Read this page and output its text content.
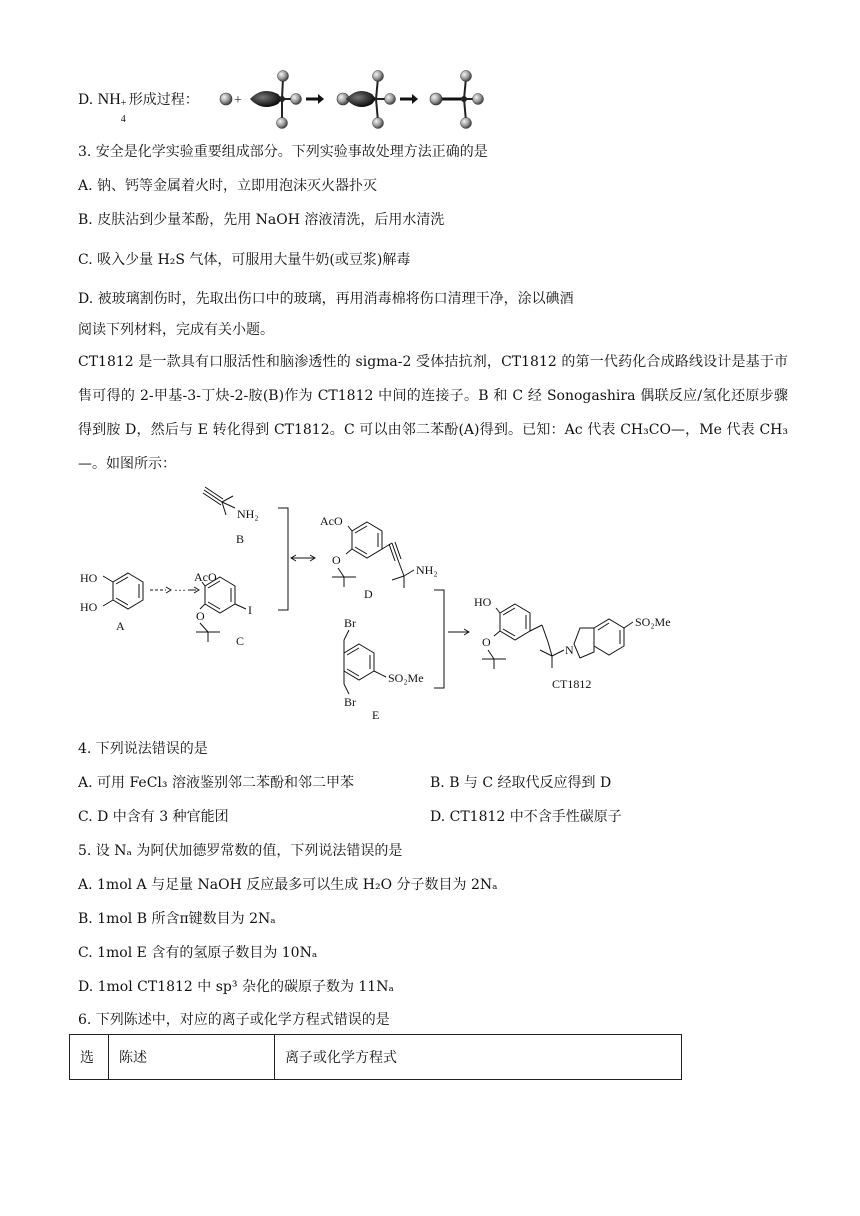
D. NH +
4
形成过程：	+
3. 安全是化学实验重要组成部分。下列实验事故处理方法正确的是
A. 钠、钙等金属着火时，立即用泡沫灭火器扑灭
B. 皮肤沾到少量苯酚，先用 NaOH 溶液清洗，后用水清洗
C. 吸入少量 H₂S 气体，可服用大量牛奶(或豆浆)解毒
D. 被玻璃割伤时，先取出伤口中的玻璃，再用消毒棉将伤口清理干净，涂以碘酒
阅读下列材料，完成有关小题。
CT1812 是一款具有口服活性和脑渗透性的 sigma-2 受体拮抗剂，CT1812 的第一代药化合成路线设计是基于市售可得的 2-甲基-3-丁炔-2-胺(B)作为 CT1812 中间的连接子。B 和 C 经 Sonogashira 偶联反应/氢化还原步骤得到胺 D，然后与 E 转化得到 CT1812。C 可以由邻二苯酚(A)得到。已知：Ac 代表 CH₃CO—，Me 代表 CH₃—。如图所示：
HO
HO
A
···
AcO
O	I
C
NH₂
B
AcO
O
NH₂
D
Br
Br
SO₂Me
E
HO
O
N
SO₂Me
CT1812
4. 下列说法错误的是
A. 可用 FeCl₃ 溶液鉴别邻二苯酚和邻二甲苯	B. B 与 C 经取代反应得到 D
C. D 中含有 3 种官能团	D. CT1812 中不含手性碳原子
5. 设 Nₐ 为阿伏加德罗常数的值，下列说法错误的是
A. 1mol A 与足量 NaOH 反应最多可以生成 H₂O 分子数目为 2Nₐ
B. 1mol B 所含π键数目为 2Nₐ
C. 1mol E 含有的氢原子数目为 10Nₐ
D. 1mol CT1812 中 sp³ 杂化的碳原子数为 11Nₐ
6. 下列陈述中，对应的离子或化学方程式错误的是
选	陈述	离子或化学方程式
